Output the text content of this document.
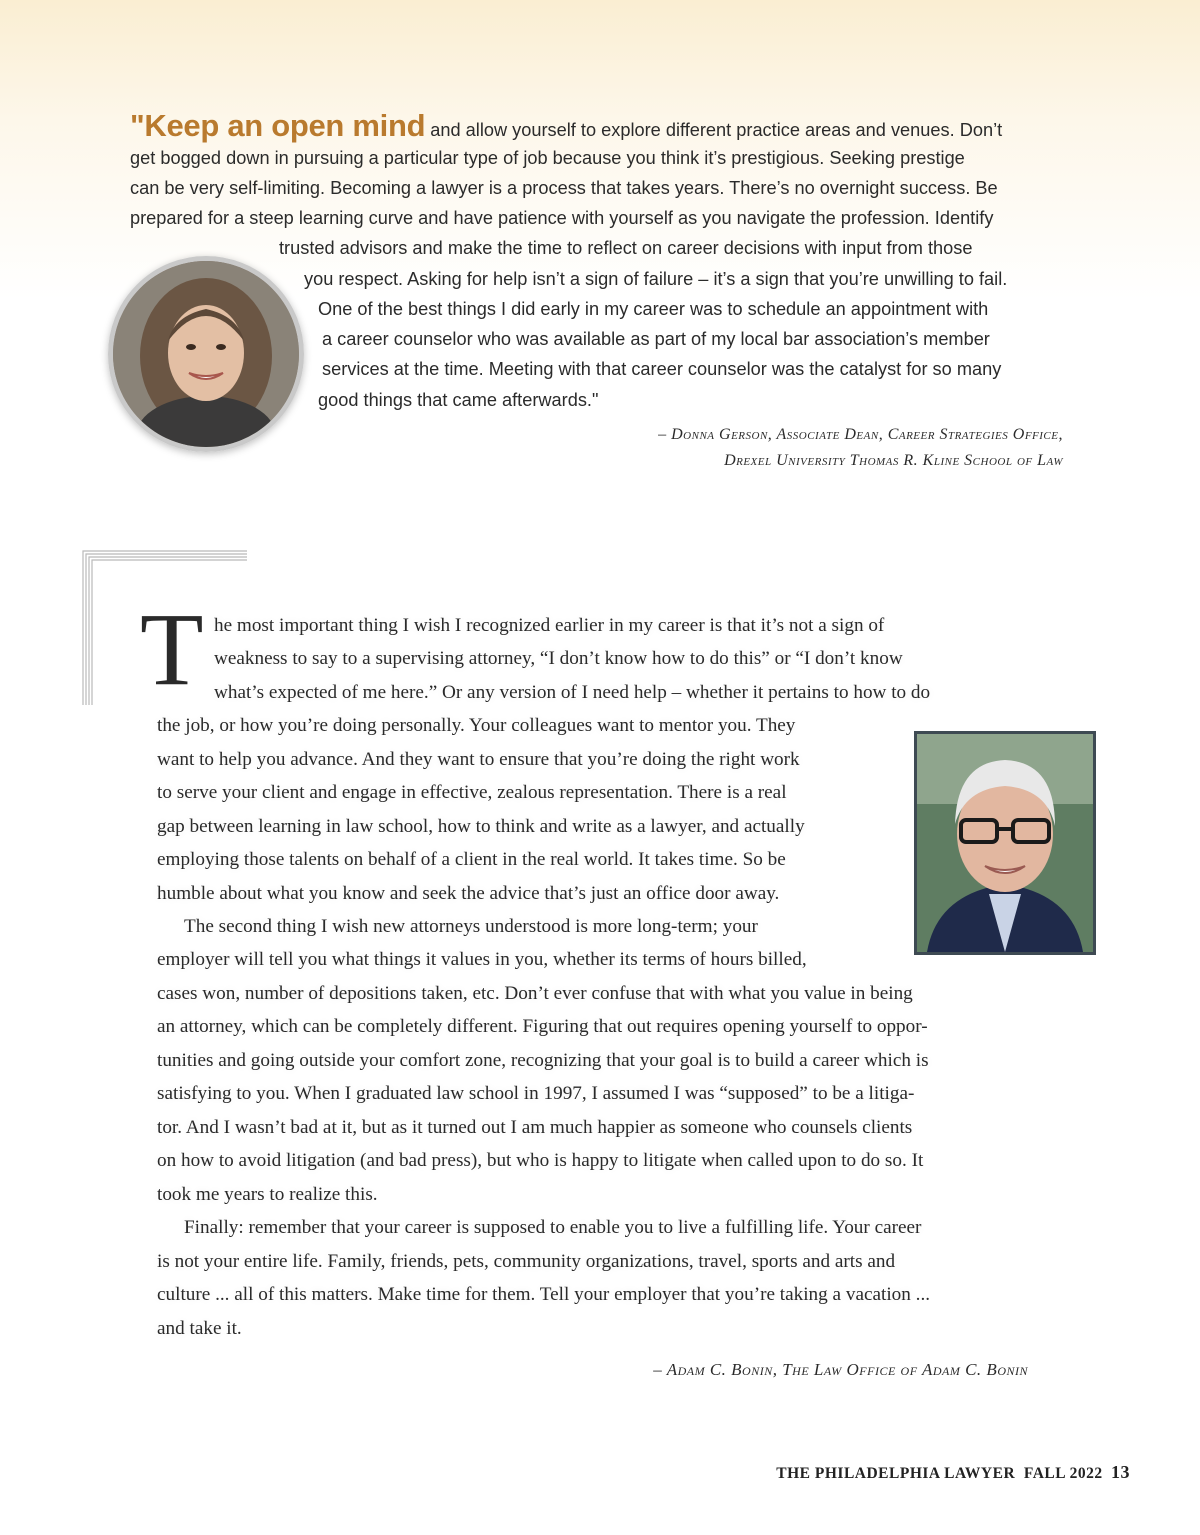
"Keep an open mind and allow yourself to explore different practice areas and venues. Don’t
get bogged down in pursuing a particular type of job because you think it’s prestigious. Seeking prestige
can be very self-limiting. Becoming a lawyer is a process that takes years. There’s no overnight success. Be
prepared for a steep learning curve and have patience with yourself as you navigate the profession. Identify
trusted advisors and make the time to reflect on career decisions with input from those
you respect. Asking for help isn’t a sign of failure – it’s a sign that you’re unwilling to fail.
One of the best things I did early in my career was to schedule an appointment with
a career counselor who was available as part of my local bar association’s member
services at the time. Meeting with that career counselor was the catalyst for so many
good things that came afterwards."
– Donna Gerson, Associate Dean, Career Strategies Office,
Drexel University Thomas R. Kline School of Law
T he most important thing I wish I recognized earlier in my career is that it’s not a sign of
weakness to say to a supervising attorney, “I don’t know how to do this” or “I don’t know
what’s expected of me here.” Or any version of I need help – whether it pertains to how to do
the job, or how you’re doing personally. Your colleagues want to mentor you. They
want to help you advance. And they want to ensure that you’re doing the right work
to serve your client and engage in effective, zealous representation. There is a real
gap between learning in law school, how to think and write as a lawyer, and actually
employing those talents on behalf of a client in the real world. It takes time. So be
humble about what you know and seek the advice that’s just an office door away.
The second thing I wish new attorneys understood is more long-term; your
employer will tell you what things it values in you, whether its terms of hours billed,
cases won, number of depositions taken, etc. Don’t ever confuse that with what you value in being
an attorney, which can be completely different. Figuring that out requires opening yourself to oppor-
tunities and going outside your comfort zone, recognizing that your goal is to build a career which is
satisfying to you. When I graduated law school in 1997, I assumed I was “supposed” to be a litiga-
tor. And I wasn’t bad at it, but as it turned out I am much happier as someone who counsels clients
on how to avoid litigation (and bad press), but who is happy to litigate when called upon to do so. It
took me years to realize this.
Finally: remember that your career is supposed to enable you to live a fulfilling life. Your career
is not your entire life. Family, friends, pets, community organizations, travel, sports and arts and
culture ... all of this matters. Make time for them. Tell your employer that you’re taking a vacation ...
and take it.
– Adam C. Bonin, The Law Office of Adam C. Bonin
THE PHILADELPHIA LAWYER  FALL 2022 13
